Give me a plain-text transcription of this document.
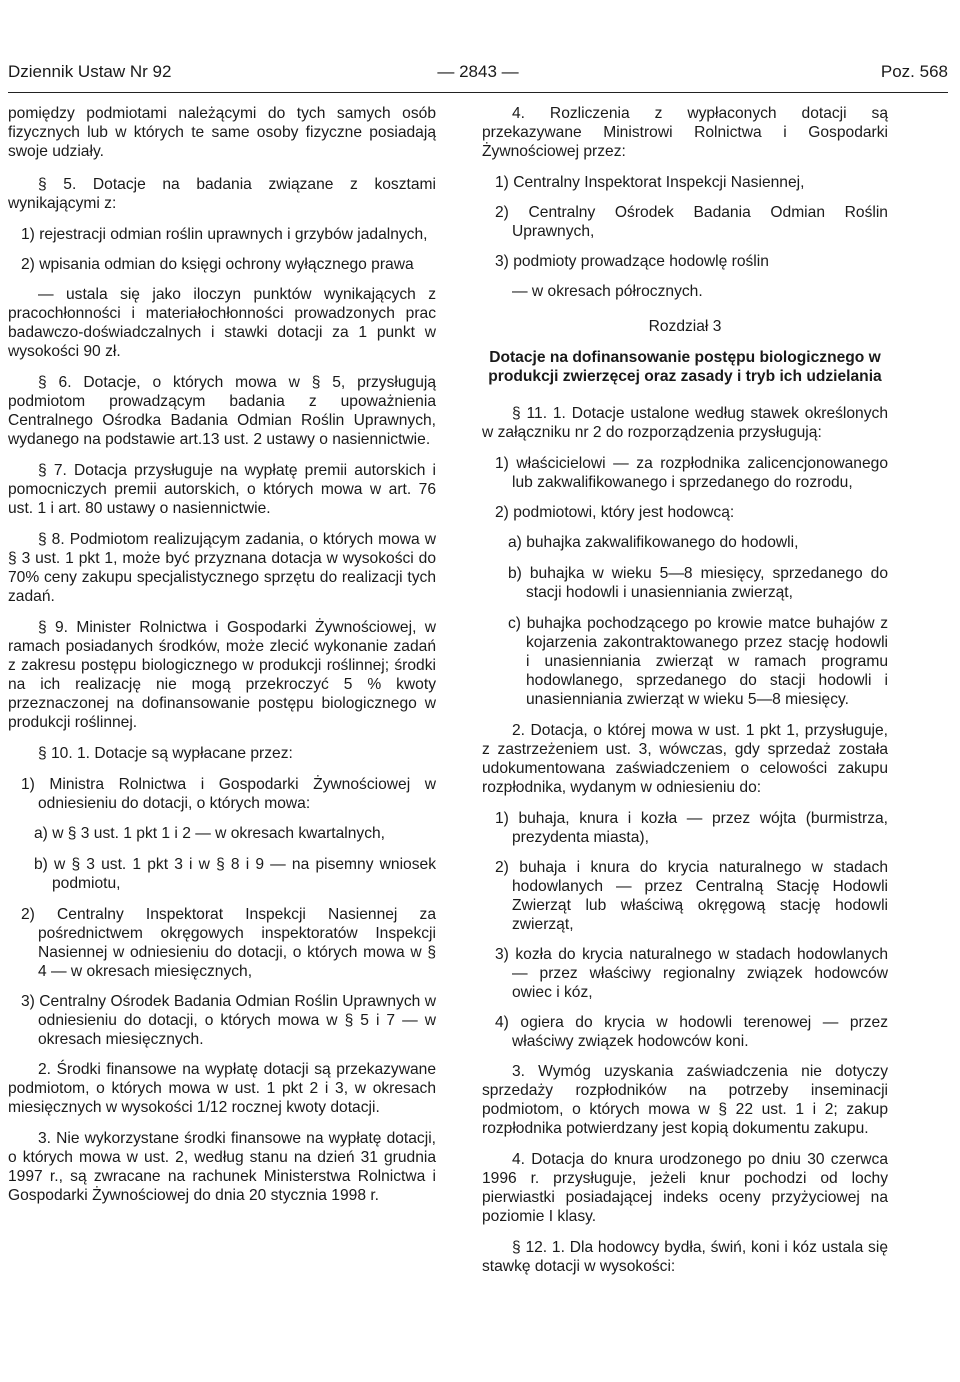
Dziennik Ustaw Nr 92	— 2843 —	Poz. 568

pomiędzy podmiotami należącymi do tych samych osób fizycznych lub w których te same osoby fizyczne posiadają swoje udziały.

§ 5. Dotacje na badania związane z kosztami wynikającymi z:

1) rejestracji odmian roślin uprawnych i grzybów jadalnych,

2) wpisania odmian do księgi ochrony wyłącznego prawa

— ustala się jako iloczyn punktów wynikających z pracochłonności i materiałochłonności prowadzonych prac badawczo-doświadczalnych i stawki dotacji za 1 punkt w wysokości 90 zł.

§ 6. Dotacje, o których mowa w § 5, przysługują podmiotom prowadzącym badania z upoważnienia Centralnego Ośrodka Badania Odmian Roślin Uprawnych, wydanego na podstawie art.13 ust. 2 ustawy o nasiennictwie.

§ 7. Dotacja przysługuje na wypłatę premii autorskich i pomocniczych premii autorskich, o których mowa w art. 76 ust. 1 i art. 80 ustawy o nasiennictwie.

§ 8. Podmiotom realizującym zadania, o których mowa w § 3 ust. 1 pkt 1, może być przyznana dotacja w wysokości do 70% ceny zakupu specjalistycznego sprzętu do realizacji tych zadań.

§ 9. Minister Rolnictwa i Gospodarki Żywnościowej, w ramach posiadanych środków, może zlecić wykonanie zadań z zakresu postępu biologicznego w produkcji roślinnej; środki na ich realizację nie mogą przekroczyć 5 % kwoty przeznaczonej na dofinansowanie postępu biologicznego w produkcji roślinnej.

§ 10. 1. Dotacje są wypłacane przez:

1) Ministra Rolnictwa i Gospodarki Żywnościowej w odniesieniu do dotacji, o których mowa:

a) w § 3 ust. 1 pkt 1 i 2 — w okresach kwartalnych,

b) w § 3 ust. 1 pkt 3 i w § 8 i 9 — na pisemny wniosek podmiotu,

2) Centralny Inspektorat Inspekcji Nasiennej za pośrednictwem okręgowych inspektoratów Inspekcji Nasiennej w odniesieniu do dotacji, o których mowa w § 4 — w okresach miesięcznych,

3) Centralny Ośrodek Badania Odmian Roślin Uprawnych w odniesieniu do dotacji, o których mowa w § 5 i 7 — w okresach miesięcznych.

2. Środki finansowe na wypłatę dotacji są przekazywane podmiotom, o których mowa w ust. 1 pkt 2 i 3, w okresach miesięcznych w wysokości 1/12 rocznej kwoty dotacji.

3. Nie wykorzystane środki finansowe na wypłatę dotacji, o których mowa w ust. 2, według stanu na dzień 31 grudnia 1997 r., są zwracane na rachunek Ministerstwa Rolnictwa i Gospodarki Żywnościowej do dnia 20 stycznia 1998 r.

4. Rozliczenia z wypłaconych dotacji są przekazywane Ministrowi Rolnictwa i Gospodarki Żywnościowej przez:

1) Centralny Inspektorat Inspekcji Nasiennej,

2) Centralny Ośrodek Badania Odmian Roślin Uprawnych,

3) podmioty prowadzące hodowlę roślin

— w okresach półrocznych.

Rozdział 3

Dotacje na dofinansowanie postępu biologicznego w produkcji zwierzęcej oraz zasady i tryb ich udzielania

§ 11. 1. Dotacje ustalone według stawek określonych w załączniku nr 2 do rozporządzenia przysługują:

1) właścicielowi — za rozpłodnika zalicencjonowanego lub zakwalifikowanego i sprzedanego do rozrodu,

2) podmiotowi, który jest hodowcą:

a) buhajka zakwalifikowanego do hodowli,

b) buhajka w wieku 5—8 miesięcy, sprzedanego do stacji hodowli i unasienniania zwierząt,

c) buhajka pochodzącego po krowie matce buhajów z kojarzenia zakontraktowanego przez stację hodowli i unasienniania zwierząt w ramach programu hodowlanego, sprzedanego do stacji hodowli i unasienniania zwierząt w wieku 5—8 miesięcy.

2. Dotacja, o której mowa w ust. 1 pkt 1, przysługuje, z zastrzeżeniem ust. 3, wówczas, gdy sprzedaż została udokumentowana zaświadczeniem o celowości zakupu rozpłodnika, wydanym w odniesieniu do:

1) buhaja, knura i kozła — przez wójta (burmistrza, prezydenta miasta),

2) buhaja i knura do krycia naturalnego w stadach hodowlanych — przez Centralną Stację Hodowli Zwierząt lub właściwą okręgową stację hodowli zwierząt,

3) kozła do krycia naturalnego w stadach hodowlanych — przez właściwy regionalny związek hodowców owiec i kóz,

4) ogiera do krycia w hodowli terenowej — przez właściwy związek hodowców koni.

3. Wymóg uzyskania zaświadczenia nie dotyczy sprzedaży rozpłodników na potrzeby inseminacji podmiotom, o których mowa w § 22 ust. 1 i 2; zakup rozpłodnika potwierdzany jest kopią dokumentu zakupu.

4. Dotacja do knura urodzonego po dniu 30 czerwca 1996 r. przysługuje, jeżeli knur pochodzi od lochy pierwiastki posiadającej indeks oceny przyżyciowej na poziomie I klasy.

§ 12. 1. Dla hodowcy bydła, świń, koni i kóz ustala się stawkę dotacji w wysokości:
